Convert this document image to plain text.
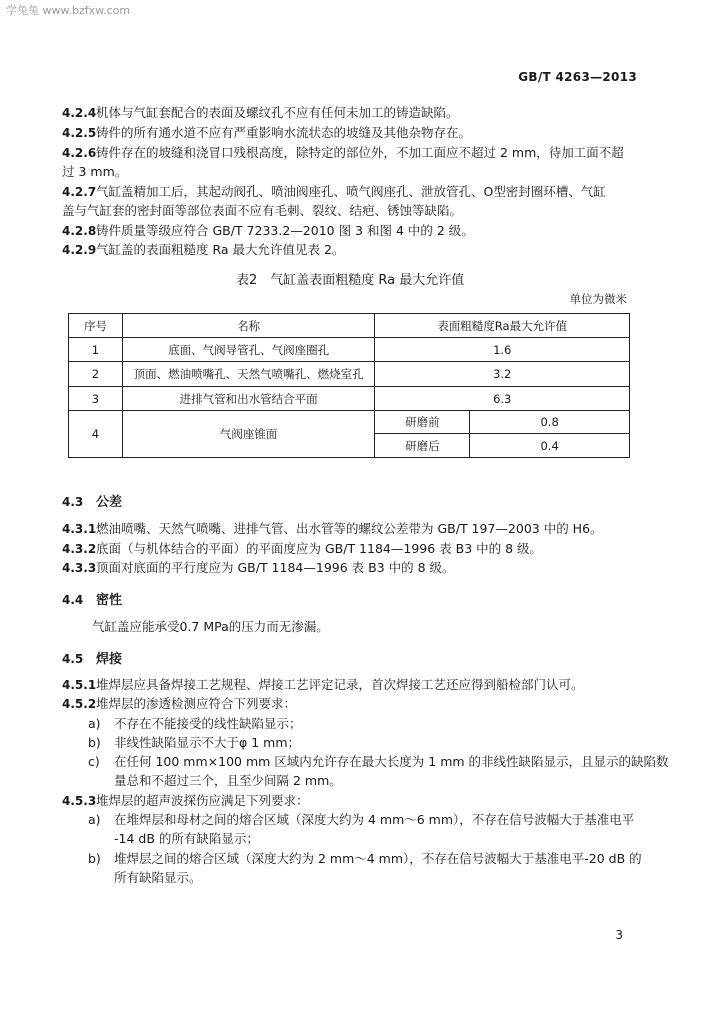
学兔兔 www.bzfxw.com
GB/T 4263—2013
4.2.4机体与气缸套配合的表面及螺纹孔不应有任何未加工的铸造缺陷。
4.2.5铸件的所有通水道不应有严重影响水流状态的坡缝及其他杂物存在。
4.2.6铸件存在的坡缝和浇冒口残根高度，除特定的部位外，不加工面应不超过 2 mm，待加工面不超
过 3 mm。
4.2.7气缸盖精加工后，其起动阀孔、喷油阀座孔、喷气阀座孔、泄放管孔、O型密封圈环槽、气缸
盖与气缸套的密封面等部位表面不应有毛刺、裂纹、结疤、锈蚀等缺陷。
4.2.8铸件质量等级应符合 GB/T 7233.2—2010 图 3 和图 4 中的 2 级。
4.2.9气缸盖的表面粗糙度 Ra 最大允许值见表 2。
表2　气缸盖表面粗糙度 Ra 最大允许值
单位为微米
序号	名称	表面粗糙度Ra最大允许值	
1	底面、气阀导管孔、气阀座圈孔	1.6	
2	顶面、燃油喷嘴孔、天然气喷嘴孔、燃烧室孔	3.2	
3	进排气管和出水管结合平面	6.3	
4	气阀座锥面	研磨前	0.8
		研磨后	0.4
4.3 公差
4.3.1燃油喷嘴、天然气喷嘴、进排气管、出水管等的螺纹公差带为 GB/T 197—2003 中的 H6。
4.3.2底面（与机体结合的平面）的平面度应为 GB/T 1184—1996 表 B3 中的 8 级。
4.3.3顶面对底面的平行度应为 GB/T 1184—1996 表 B3 中的 8 级。
4.4 密性
气缸盖应能承受0.7 MPa的压力而无渗漏。
4.5 焊接
4.5.1堆焊层应具备焊接工艺规程、焊接工艺评定记录，首次焊接工艺还应得到船检部门认可。
4.5.2堆焊层的渗透检测应符合下列要求：
a) 不存在不能接受的线性缺陷显示；
b) 非线性缺陷显示不大于φ 1 mm；
c) 在任何 100 mm×100 mm 区域内允许存在最大长度为 1 mm 的非线性缺陷显示，且显示的缺陷数
量总和不超过三个，且至少间隔 2 mm。
4.5.3堆焊层的超声波探伤应满足下列要求：
a) 在堆焊层和母材之间的熔合区域（深度大约为 4 mm～6 mm），不存在信号波幅大于基准电平
-14 dB 的所有缺陷显示；
b) 堆焊层之间的熔合区域（深度大约为 2 mm～4 mm），不存在信号波幅大于基准电平-20 dB 的
所有缺陷显示。
3
